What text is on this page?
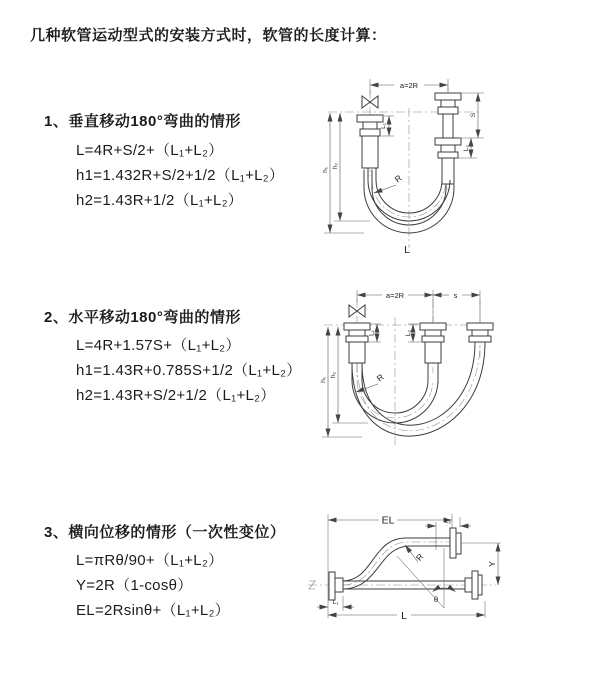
几种软管运动型式的安装方式时，软管的长度计算：
1、垂直移动180°弯曲的情形
L=4R+S/2+（L₁+L₂）
h1=1.432R+S/2+1/2（L₁+L₂）
h2=1.43R+1/2（L₁+L₂）
a=2R
L₁
S
L₂
h₁
h₂
R
L
2、水平移动180°弯曲的情形
L=4R+1.57S+（L₁+L₂）
h1=1.43R+0.785S+1/2（L₁+L₂）
h2=1.43R+S/2+1/2（L₁+L₂）
a=2R	s
L₁	L₂
h₁
h₂	R
3、横向位移的情形（一次性变位）
L=πRθ/90+（L₁+L₂）
Y=2R（1-cosθ）
EL=2Rsinθ+（L₁+L₂）
EL	L₂
Y
θ
R
L₁
L
